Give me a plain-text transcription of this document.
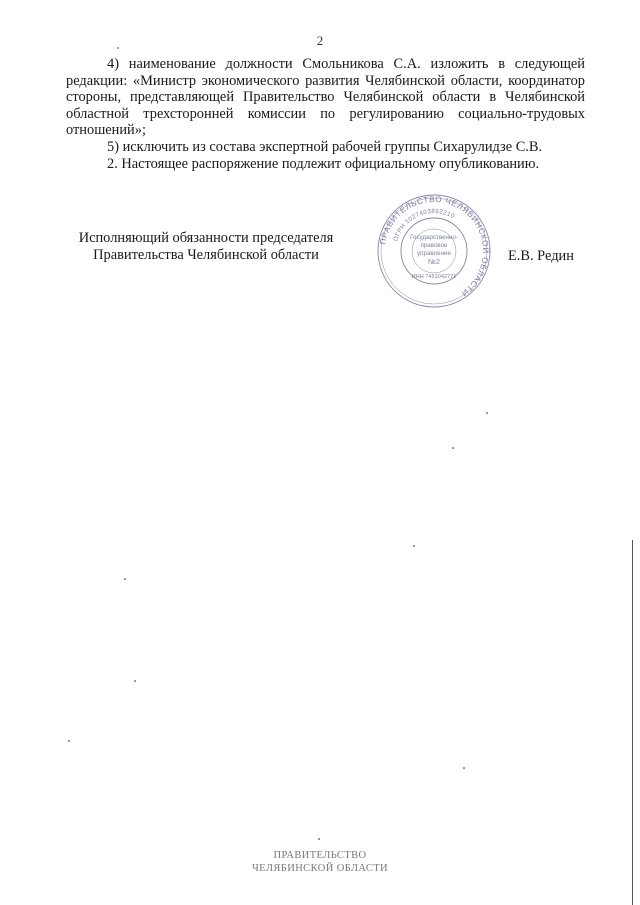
2

4) наименование должности Смольникова С.А. изложить в следующей редакции: «Министр экономического развития Челябинской области, координатор стороны, представляющей Правительство Челябинской области в Челябинской областной трехсторонней комиссии по регулированию социально-трудовых отношений»;

5) исключить из состава экспертной рабочей группы Сихарулидзе С.В.

2. Настоящее распоряжение подлежит официальному опубликованию.

Исполняющий обязанности председателя
Правительства Челябинской области	Е.В. Редин
ПРАВИТЕЛЬСТВО ЧЕЛЯБИНСКОЙ ОБЛАСТИ
ОГРН 1027403892210
ИНН 7453042771
Государственно-
правовое
управление
№2
ПРАВИТЕЛЬСТВО
ЧЕЛЯБИНСКОЙ ОБЛАСТИ
